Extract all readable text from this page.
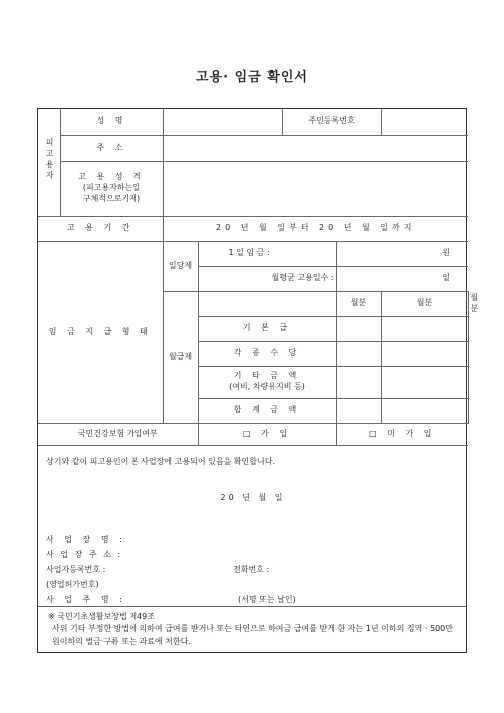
고용· 임금 확인서
피고용자	성 명			주민등록번호			
	주 소						

	고 용 성 격
(피고용자하는일
구체적으로기재)						

고 용 기 간		20 년 월 일부터 20 년 월 일까지					
임 금 지 급 형 태		일당제	1 일 임 금 :		원		
			월평균 고용일수 :		일		
		월급제			월분	월분	월분
			기 본 급				
			각 종 수 당				

			기 타 금 액
(여비, 차량유지비 등)				

			합 계 금 액				

국민건강보험 가입여부			□ 가 입		□ 미 가 입		
상기와 같이 피고용인이 본 사업장에 고용되어 있음을 확인합니다.
20 년 월 일
사 업 장 명 :
사 업 장 주 소 :
사업자등록번호 :	전화번호 :
(영업허가번호)
사 업 주 명 :	(서명 또는 날인)
※ 국민기초생활보장법 제49조
사위 기타 부정한 방법에 의하여 급여를 받거나 또는 타인으로 하여금 급여를 받게 한 자는 1년 이하의 징역 · 500만원이하의 벌금·구류 또는 과료에 처한다.
